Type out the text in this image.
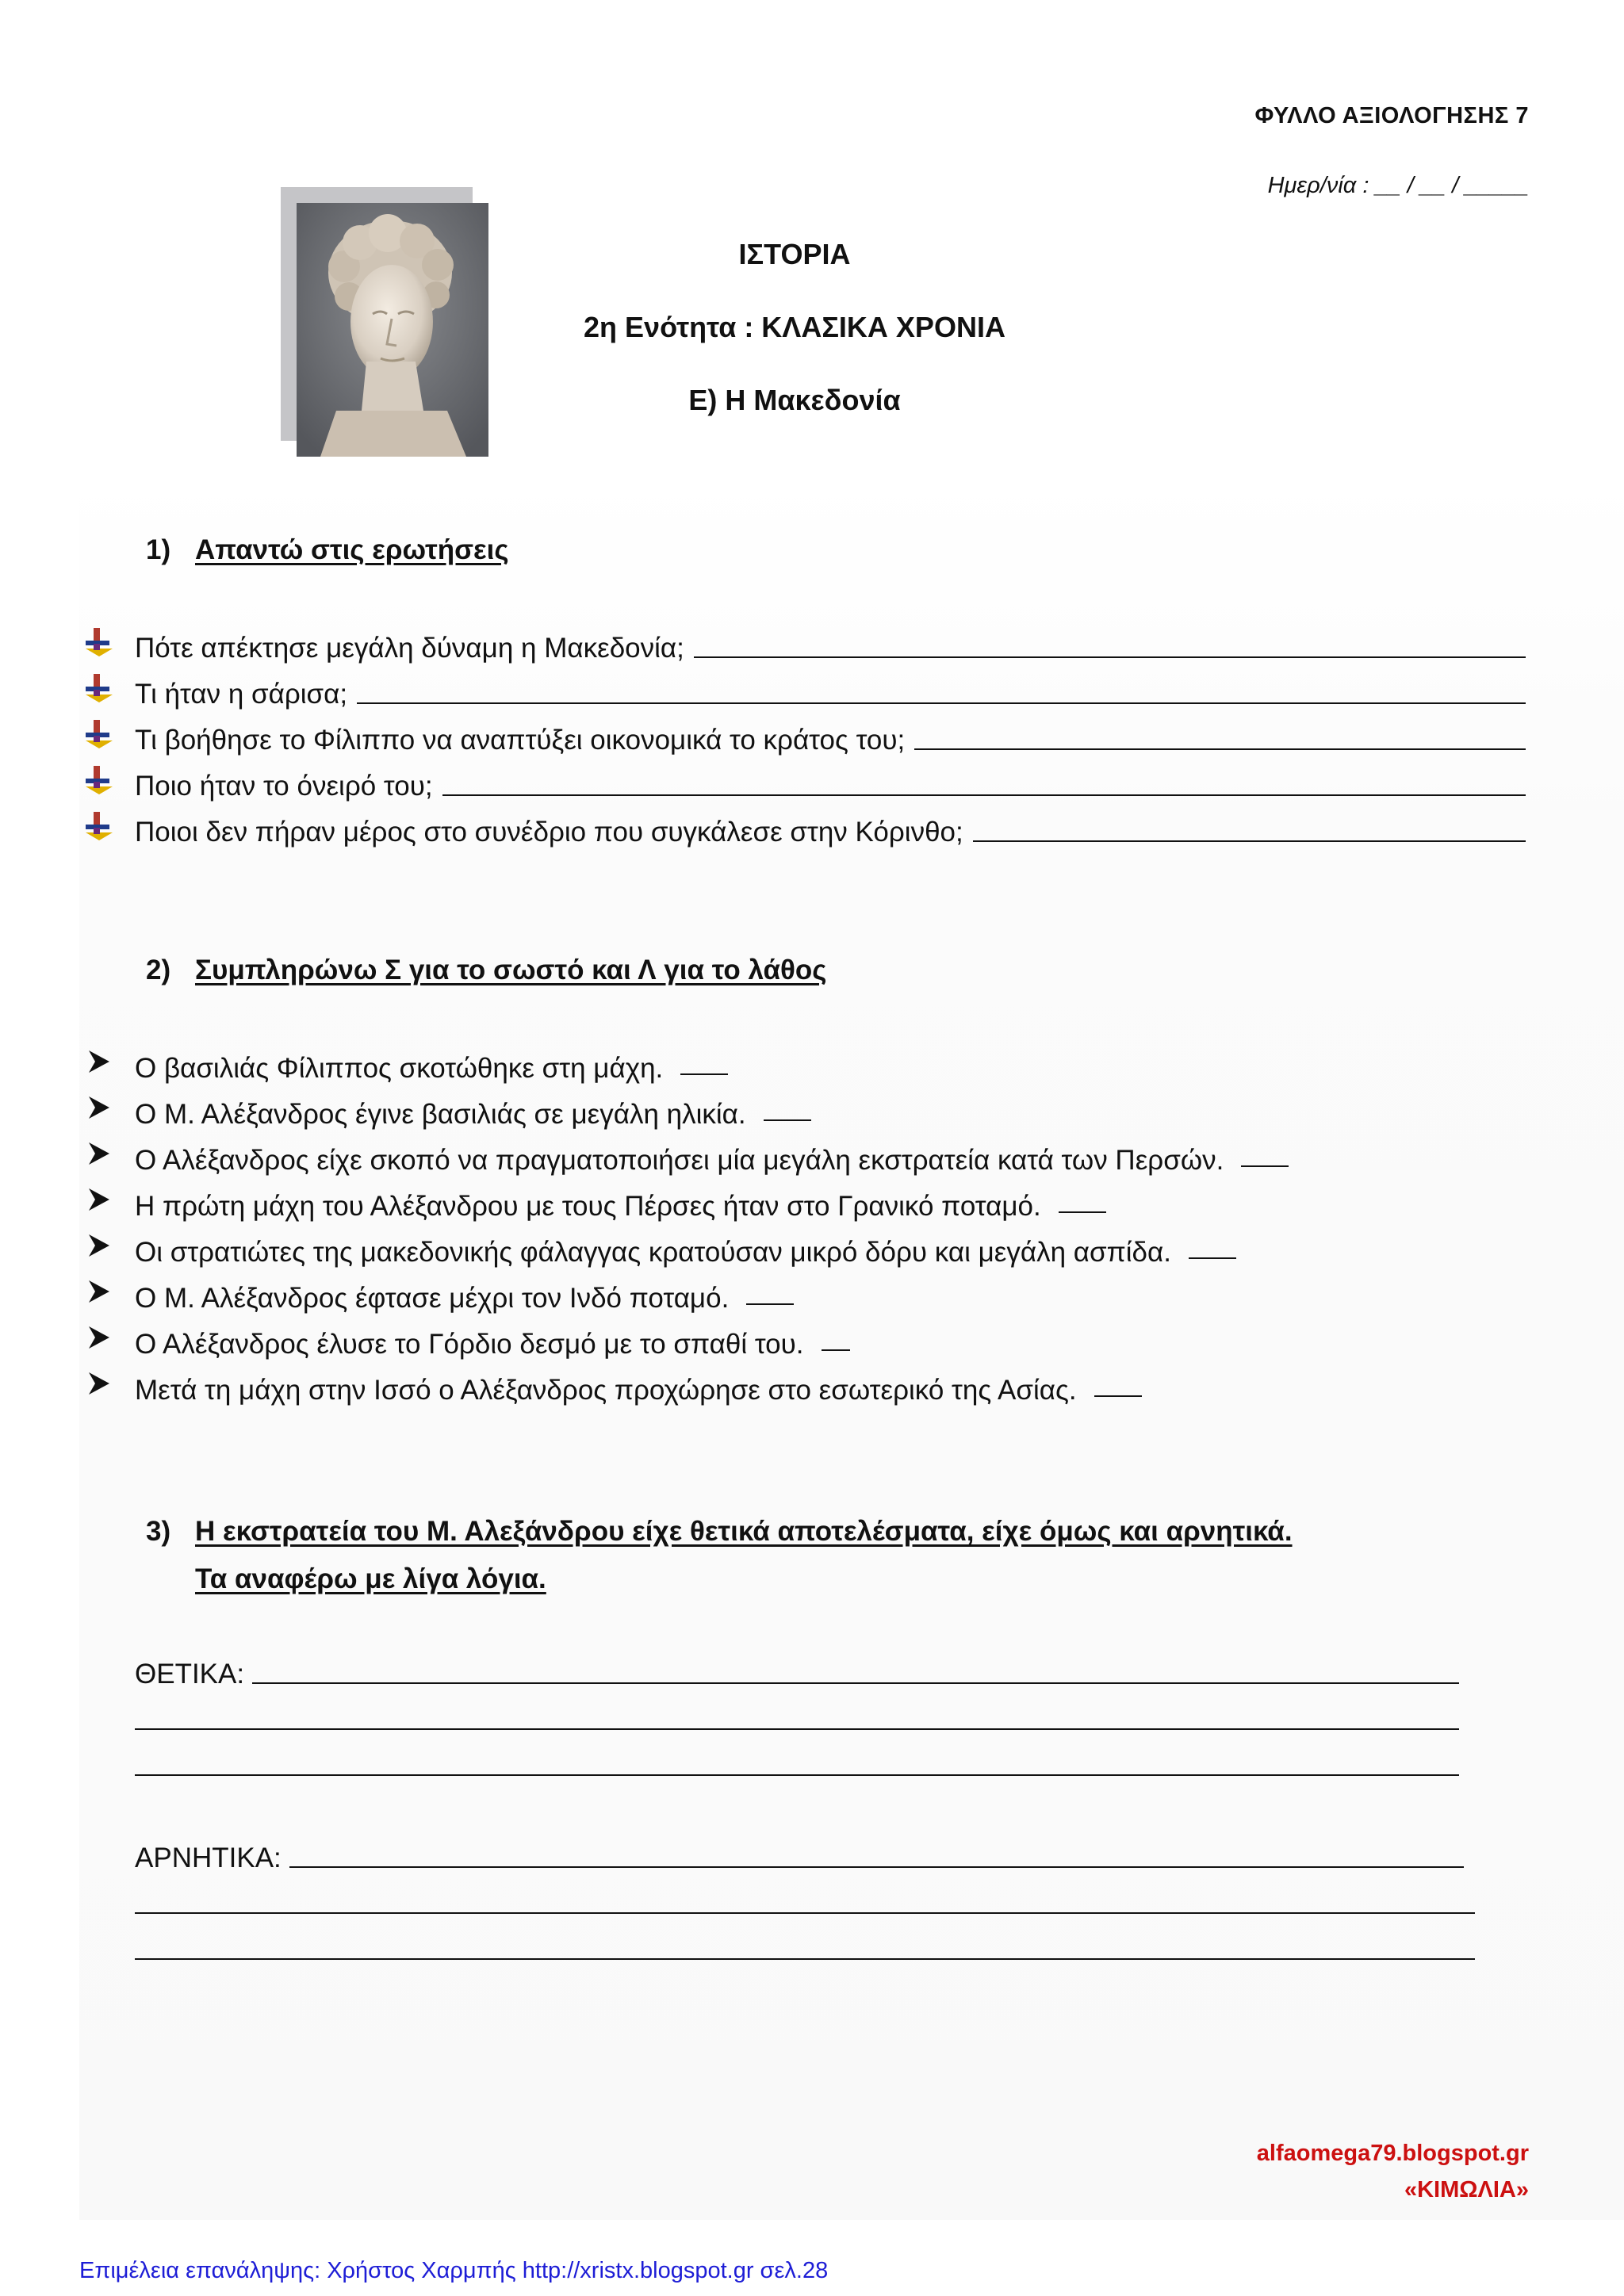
ΦΥΛΛΟ ΑΞΙΟΛΟΓΗΣΗΣ 7
Ημερ/νία : __ / __ / _____
ΙΣΤΟΡΙΑ
2η Ενότητα : ΚΛΑΣΙΚΑ ΧΡΟΝΙΑ
Ε) Η Μακεδονία
1) Απαντώ στις ερωτήσεις
Πότε απέκτησε μεγάλη δύναμη η Μακεδονία;
Τι ήταν η σάρισα;
Τι βοήθησε το Φίλιππο να αναπτύξει οικονομικά το κράτος του;
Ποιο ήταν το όνειρό του;
Ποιοι δεν πήραν μέρος στο συνέδριο που συγκάλεσε στην Κόρινθο;
2) Συμπληρώνω Σ για το σωστό και Λ για το λάθος
Ο βασιλιάς Φίλιππος σκοτώθηκε στη μάχη.
Ο Μ. Αλέξανδρος έγινε βασιλιάς σε μεγάλη ηλικία.
Ο Αλέξανδρος είχε σκοπό να πραγματοποιήσει μία μεγάλη εκστρατεία κατά των Περσών.
Η πρώτη μάχη του Αλέξανδρου με τους Πέρσες ήταν στο Γρανικό ποταμό.
Οι στρατιώτες της μακεδονικής φάλαγγας κρατούσαν μικρό δόρυ και μεγάλη ασπίδα.
Ο Μ. Αλέξανδρος έφτασε μέχρι τον Ινδό ποταμό.
Ο Αλέξανδρος έλυσε το Γόρδιο δεσμό με το σπαθί του.
Μετά τη μάχη στην Ισσό ο Αλέξανδρος προχώρησε στο εσωτερικό της Ασίας.
3) Η εκστρατεία του Μ. Αλεξάνδρου είχε θετικά αποτελέσματα, είχε όμως και αρνητικά.
Τα αναφέρω με λίγα λόγια.
ΘΕΤΙΚΑ:
ΑΡΝΗΤΙΚΑ:
alfaomega79.blogspot.gr
«ΚΙΜΩΛΙΑ»
Επιμέλεια επανάληψης: Χρήστος Χαρμπής http://xristx.blogspot.gr σελ.28
